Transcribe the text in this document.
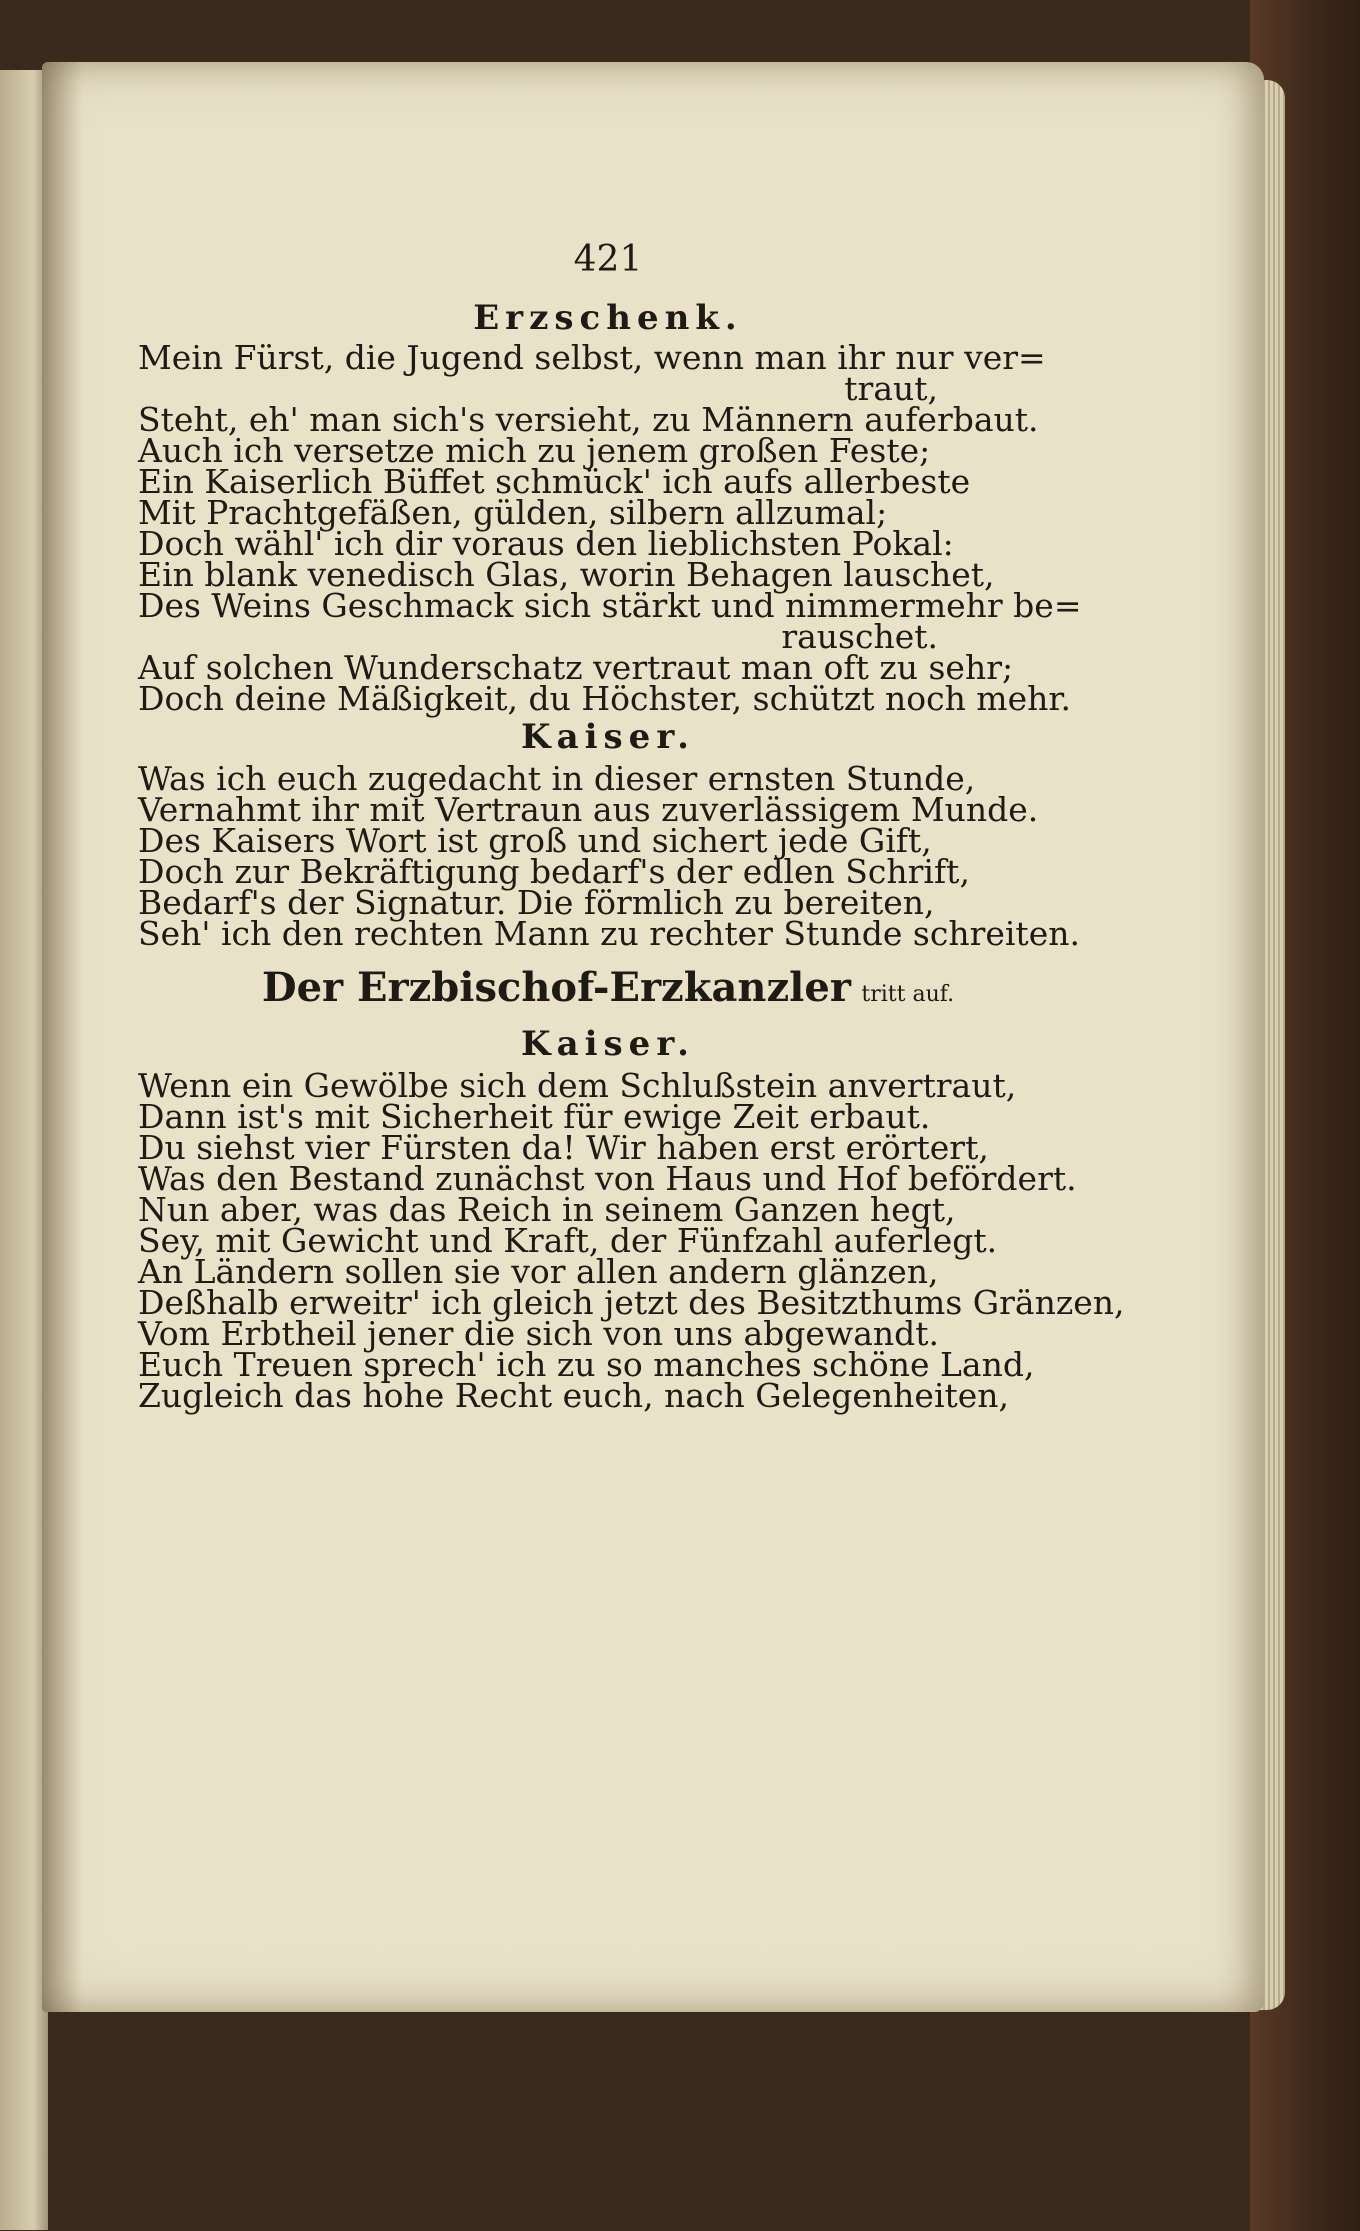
421
Erzschenk.
Mein Fürst, die Jugend selbst, wenn man ihr nur ver=
traut,
Steht, eh' man sich's versieht, zu Männern auferbaut.
Auch ich versetze mich zu jenem großen Feste;
Ein Kaiserlich Büffet schmück' ich aufs allerbeste
Mit Prachtgefäßen, gülden, silbern allzumal;
Doch wähl' ich dir voraus den lieblichsten Pokal:
Ein blank venedisch Glas, worin Behagen lauschet,
Des Weins Geschmack sich stärkt und nimmermehr be=
rauschet.
Auf solchen Wunderschatz vertraut man oft zu sehr;
Doch deine Mäßigkeit, du Höchster, schützt noch mehr.
Kaiser.
Was ich euch zugedacht in dieser ernsten Stunde,
Vernahmt ihr mit Vertraun aus zuverlässigem Munde.
Des Kaisers Wort ist groß und sichert jede Gift,
Doch zur Bekräftigung bedarf's der edlen Schrift,
Bedarf's der Signatur. Die förmlich zu bereiten,
Seh' ich den rechten Mann zu rechter Stunde schreiten.
Der Erzbischof-Erzkanzler tritt auf.
Kaiser.
Wenn ein Gewölbe sich dem Schlußstein anvertraut,
Dann ist's mit Sicherheit für ewige Zeit erbaut.
Du siehst vier Fürsten da! Wir haben erst erörtert,
Was den Bestand zunächst von Haus und Hof befördert.
Nun aber, was das Reich in seinem Ganzen hegt,
Sey, mit Gewicht und Kraft, der Fünfzahl auferlegt.
An Ländern sollen sie vor allen andern glänzen,
Deßhalb erweitr' ich gleich jetzt des Besitzthums Gränzen,
Vom Erbtheil jener die sich von uns abgewandt.
Euch Treuen sprech' ich zu so manches schöne Land,
Zugleich das hohe Recht euch, nach Gelegenheiten,
